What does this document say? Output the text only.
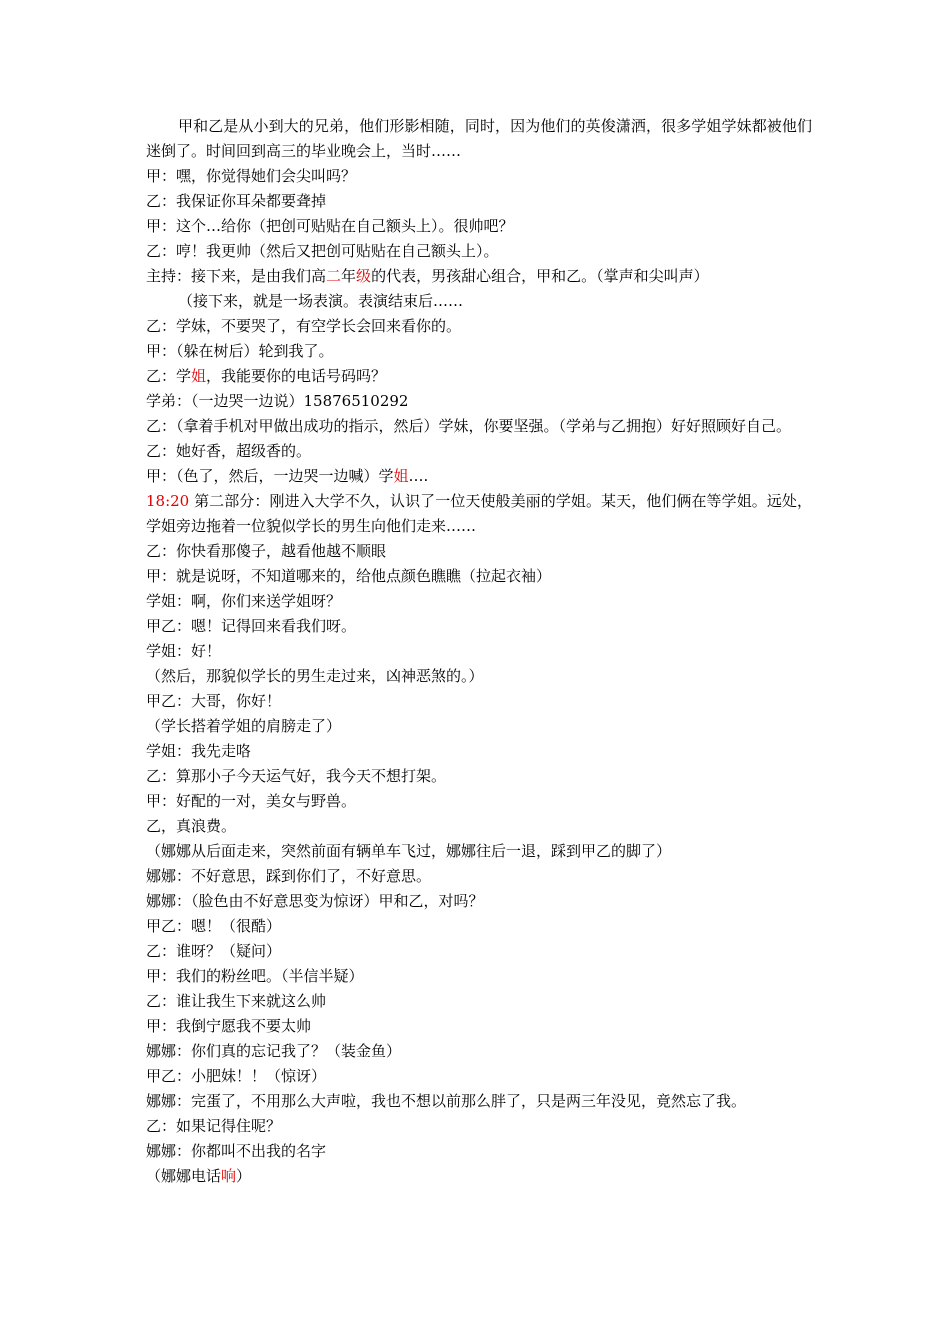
甲和乙是从小到大的兄弟，他们形影相随，同时，因为他们的英俊潇洒，很多学姐学妹都被他们迷倒了。时间回到高三的毕业晚会上，当时……
甲：嘿，你觉得她们会尖叫吗？
乙：我保证你耳朵都要聋掉
甲：这个…给你（把创可贴贴在自己额头上）。很帅吧？
乙：哼！我更帅（然后又把创可贴贴在自己额头上）。
主持：接下来，是由我们高二年级的代表，男孩甜心组合，甲和乙。（掌声和尖叫声）
（接下来，就是一场表演。表演结束后……
乙：学妹，不要哭了，有空学长会回来看你的。
甲：（躲在树后）轮到我了。
乙：学姐，我能要你的电话号码吗？
学弟：（一边哭一边说）15876510292
乙：（拿着手机对甲做出成功的指示，然后）学妹，你要坚强。（学弟与乙拥抱）好好照顾好自己。
乙：她好香，超级香的。
甲：（色了，然后，一边哭一边喊）学姐….
18:20 第二部分：刚进入大学不久，认识了一位天使般美丽的学姐。某天，他们俩在等学姐。远处，学姐旁边拖着一位貌似学长的男生向他们走来……
乙：你快看那傻子，越看他越不顺眼
甲：就是说呀，不知道哪来的，给他点颜色瞧瞧（拉起衣袖）
学姐：啊，你们来送学姐呀？
甲乙：嗯！记得回来看我们呀。
学姐：好！
（然后，那貌似学长的男生走过来，凶神恶煞的。）
甲乙：大哥，你好！
（学长搭着学姐的肩膀走了）
学姐：我先走咯
乙：算那小子今天运气好，我今天不想打架。
甲：好配的一对，美女与野兽。
乙，真浪费。
（娜娜从后面走来，突然前面有辆单车飞过，娜娜往后一退，踩到甲乙的脚了）
娜娜：不好意思，踩到你们了，不好意思。
娜娜：（脸色由不好意思变为惊讶）甲和乙，对吗？
甲乙：嗯！（很酷）
乙：谁呀？（疑问）
甲：我们的粉丝吧。（半信半疑）
乙：谁让我生下来就这么帅
甲：我倒宁愿我不要太帅
娜娜：你们真的忘记我了？（装金鱼）
甲乙：小肥妹！！（惊讶）
娜娜：完蛋了，不用那么大声啦，我也不想以前那么胖了，只是两三年没见，竟然忘了我。
乙：如果记得住呢？
娜娜：你都叫不出我的名字
（娜娜电话响）
